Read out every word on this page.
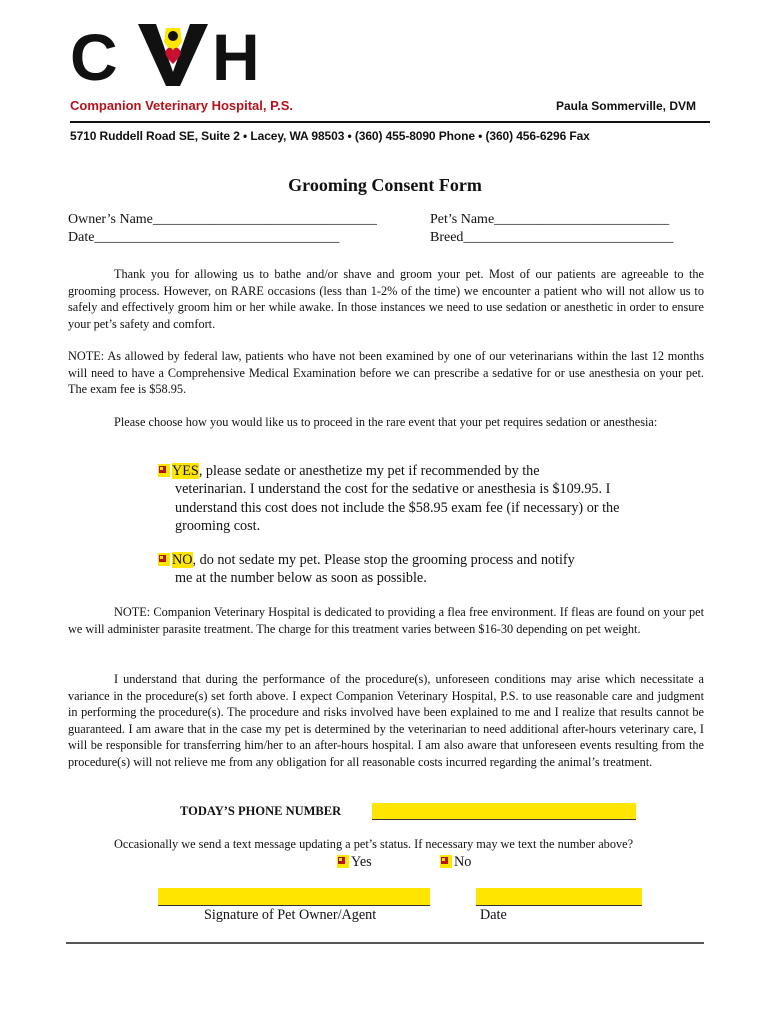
C H
Companion Veterinary Hospital, P.S.	Paula Sommerville, DVM
5710 Ruddell Road SE, Suite 2 • Lacey, WA 98503 • (360) 455-8090 Phone • (360) 456-6296 Fax
Grooming Consent Form
Owner’s Name________________________________	Pet’s Name_________________________
Date___________________________________	Breed______________________________
Thank you for allowing us to bathe and/or shave and groom your pet. Most of our patients are agreeable to the grooming process. However, on RARE occasions (less than 1-2% of the time) we encounter a patient who will not allow us to safely and effectively groom him or her while awake. In those instances we need to use sedation or anesthetic in order to ensure your pet’s safety and comfort.
NOTE: As allowed by federal law, patients who have not been examined by one of our veterinarians within the last 12 months will need to have a Comprehensive Medical Examination before we can prescribe a sedative for or use anesthesia on your pet. The exam fee is $58.95.
Please choose how you would like us to proceed in the rare event that your pet requires sedation or anesthesia:
YES, please sedate or anesthetize my pet if recommended by the
veterinarian. I understand the cost for the sedative or anesthesia is $109.95. I understand this cost does not include the $58.95 exam fee (if necessary) or the grooming cost.
NO, do not sedate my pet. Please stop the grooming process and notify
me at the number below as soon as possible.
NOTE: Companion Veterinary Hospital is dedicated to providing a flea free environment. If fleas are found on your pet we will administer parasite treatment. The charge for this treatment varies between $16-30 depending on pet weight.
I understand that during the performance of the procedure(s), unforeseen conditions may arise which necessitate a variance in the procedure(s) set forth above. I expect Companion Veterinary Hospital, P.S. to use reasonable care and judgment in performing the procedure(s). The procedure and risks involved have been explained to me and I realize that results cannot be guaranteed. I am aware that in the case my pet is determined by the veterinarian to need additional after-hours veterinary care, I will be responsible for transferring him/her to an after-hours hospital. I am also aware that unforeseen events resulting from the procedure(s) will not relieve me from any obligation for all reasonable costs incurred regarding the animal’s treatment.
TODAY’S PHONE NUMBER
Occasionally we send a text message updating a pet’s status. If necessary may we text the number above?
Yes	No
Signature of Pet Owner/Agent	Date
